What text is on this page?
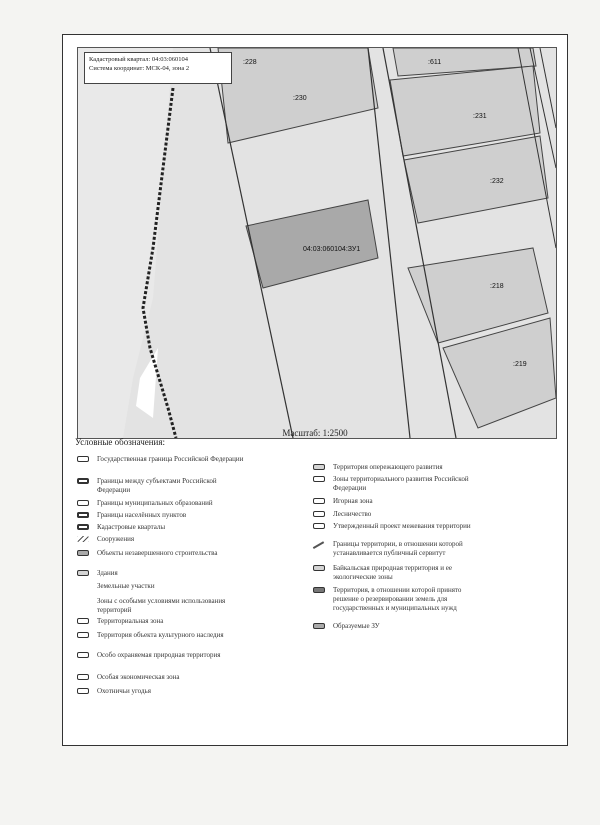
:228
:230
:611
:231
:232
04:03:060104:ЗУ1
:218
:219
Кадастровый квартал: 04:03:060104
Система координат: МСК-04, зона 2
Масштаб: 1:2500
Условные обозначения:
Государственная граница Российской Федерации
Границы между субъектами Российской Федерации
Границы муниципальных образований
Границы населённых пунктов
Кадастровые кварталы
Сооружения
Объекты незавершенного строительства
Здания
Земельные участки
Зоны с особыми условиями использования территорий
Территориальная зона
Территория объекта культурного наследия
Особо охраняемая природная территория
Особая экономическая зона
Охотничьи угодья
Территория опережающего развития
Зоны территориального развития Российской Федерации
Игорная зона
Лесничество
Утвержденный проект межевания территории
Границы территории, в отношении которой устанавливается публичный сервитут
Байкальская природная территория и ее экологические зоны
Территория, в отношении которой принято решение о резервировании земель для государственных и муниципальных нужд
Образуемые ЗУ
